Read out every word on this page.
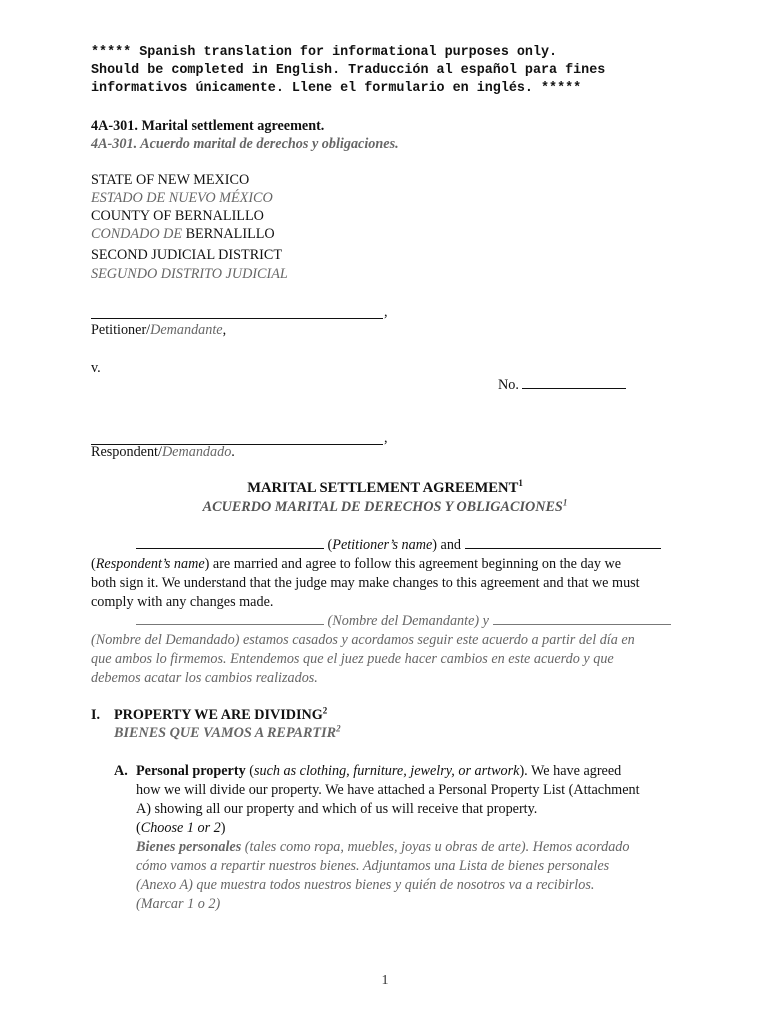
***** Spanish translation for informational purposes only.
Should be completed in English. Traducción al español para fines
informativos únicamente. Llene el formulario en inglés. *****
4A-301. Marital settlement agreement.
4A-301. Acuerdo marital de derechos y obligaciones.
STATE OF NEW MEXICO
ESTADO DE NUEVO MÉXICO
COUNTY OF BERNALILLO
CONDADO DE BERNALILLO
SECOND JUDICIAL DISTRICT
SEGUNDO DISTRITO JUDICIAL
,
Petitioner/Demandante,
v.
No.
,
Respondent/Demandado.
MARITAL SETTLEMENT AGREEMENT$^1$
ACUERDO MARITAL DE DERECHOS Y OBLIGACIONES$^1$
(Petitioner’s name) and
(Respondent’s name) are married and agree to follow this agreement beginning on the day we
both sign it. We understand that the judge may make changes to this agreement and that we must
comply with any changes made.
(Nombre del Demandante) y
(Nombre del Demandado) estamos casados y acordamos seguir este acuerdo a partir del día en
que ambos lo firmemos. Entendemos que el juez puede hacer cambios en este acuerdo y que
debemos acatar los cambios realizados.
I. PROPERTY WE ARE DIVIDING$^2$
BIENES QUE VAMOS A REPARTIR$^2$
A. Personal property (such as clothing, furniture, jewelry, or artwork). We have agreed
how we will divide our property. We have attached a Personal Property List (Attachment
A) showing all our property and which of us will receive that property.
(Choose 1 or 2)
Bienes personales (tales como ropa, muebles, joyas u obras de arte). Hemos acordado
cómo vamos a repartir nuestros bienes. Adjuntamos una Lista de bienes personales
(Anexo A) que muestra todos nuestros bienes y quién de nosotros va a recibirlos.
(Marcar 1 o 2)
1
